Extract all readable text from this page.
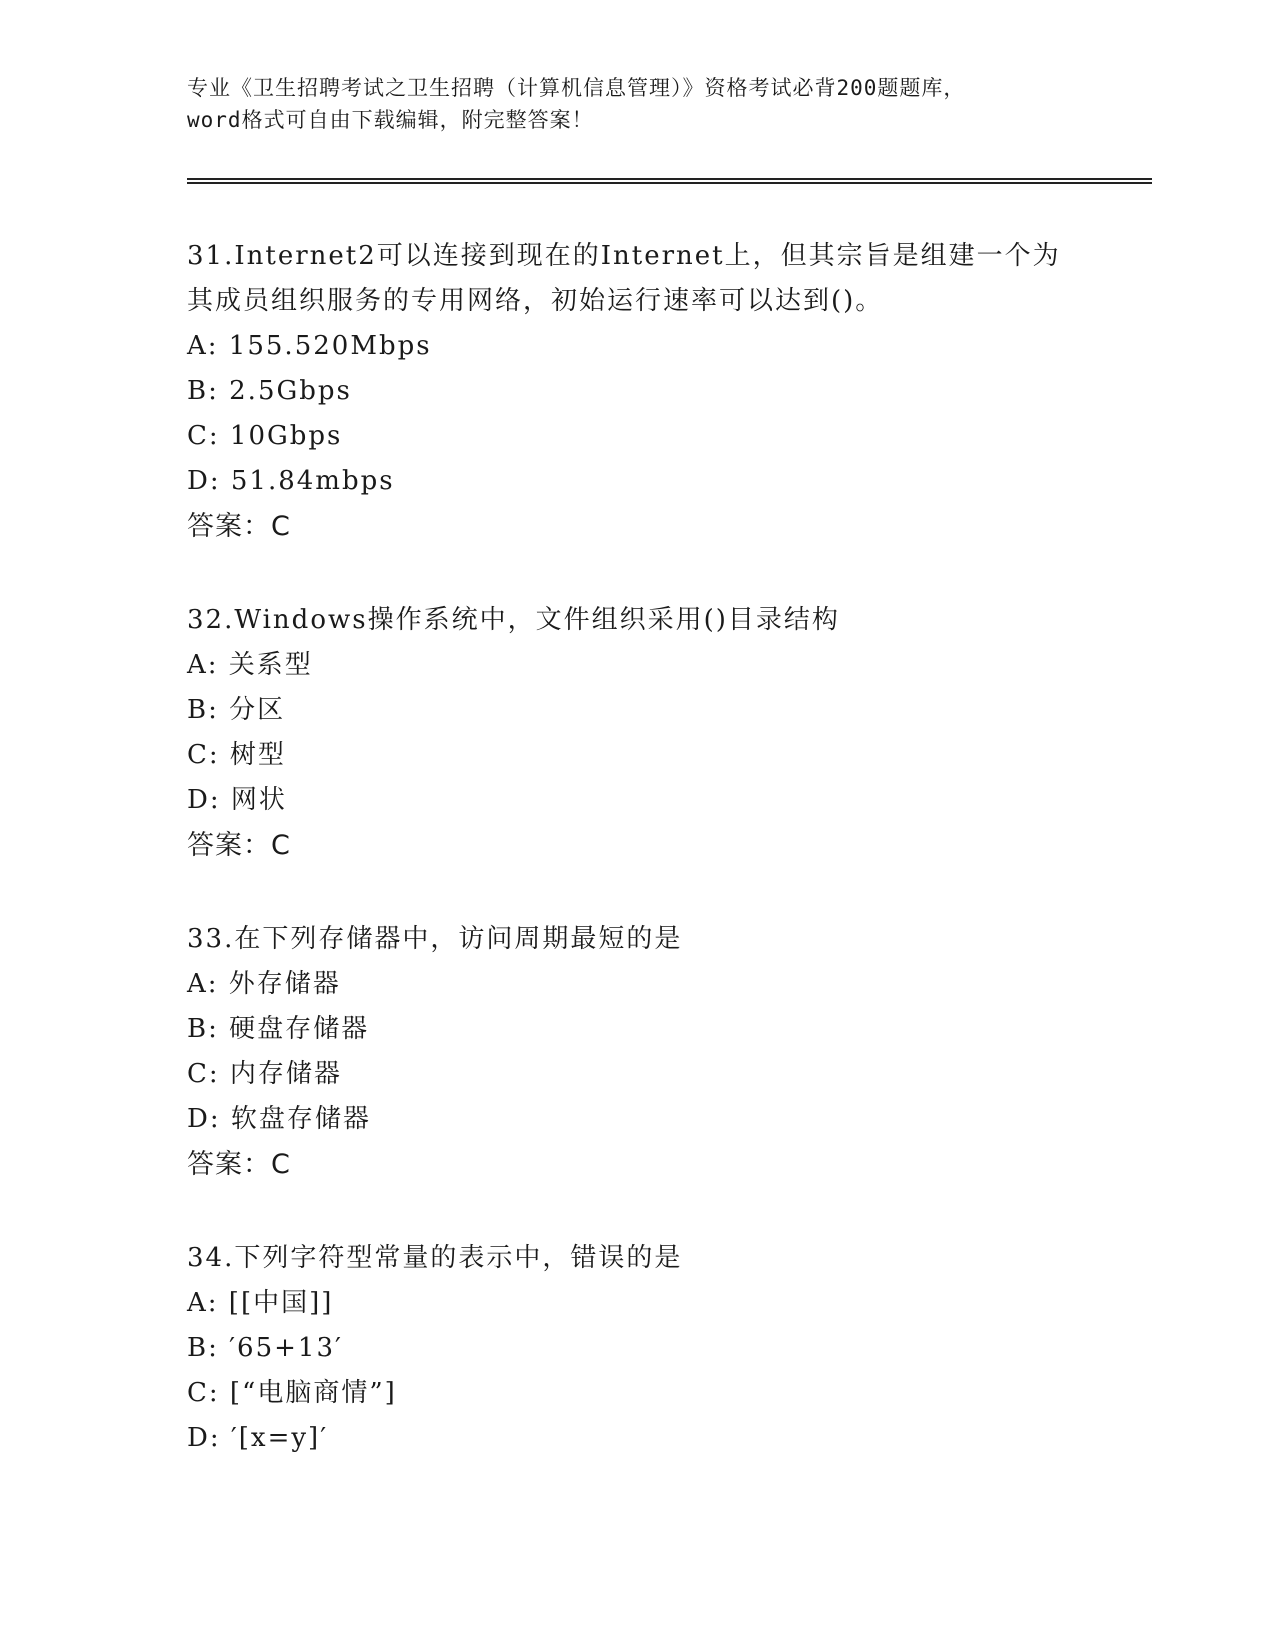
专业《卫生招聘考试之卫生招聘（计算机信息管理）》资格考试必背200题题库，
word格式可自由下载编辑，附完整答案！
31.Internet2可以连接到现在的Internet上，但其宗旨是组建一个为
其成员组织服务的专用网络，初始运行速率可以达到()。
A: 155.520Mbps
B: 2.5Gbps
C: 10Gbps
D: 51.84mbps
答案：C
32.Windows操作系统中，文件组织采用()目录结构
A: 关系型
B: 分区
C: 树型
D: 网状
答案：C
33.在下列存储器中，访问周期最短的是
A: 外存储器
B: 硬盘存储器
C: 内存储器
D: 软盘存储器
答案：C
34.下列字符型常量的表示中，错误的是
A: [[中国]]
B: ′65+13′
C: [“电脑商情”]
D: ′[x=y]′
